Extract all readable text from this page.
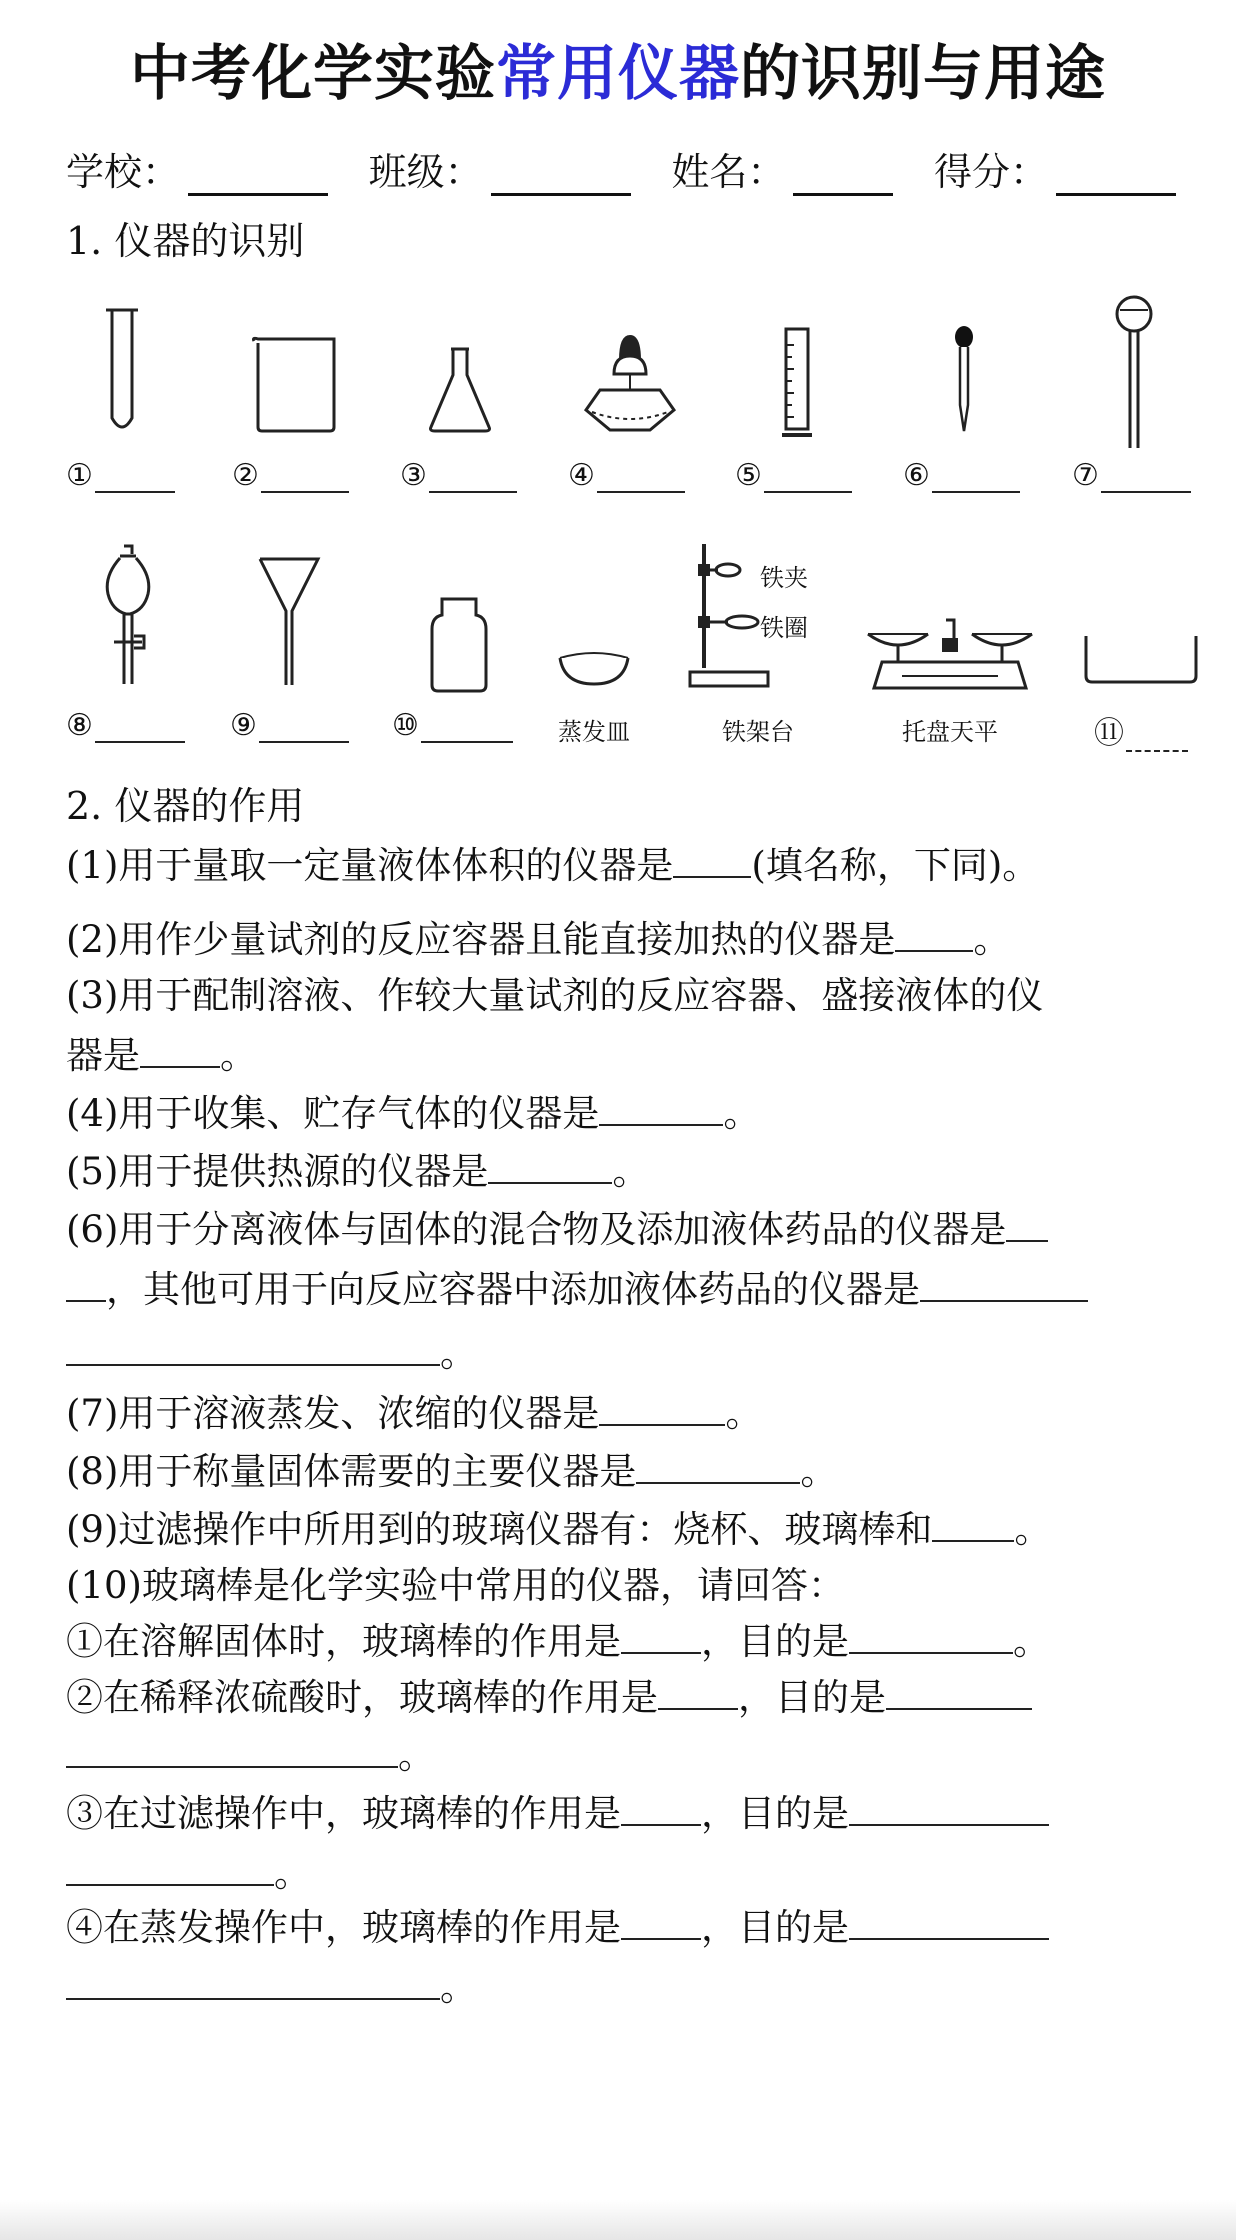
中考化学实验常用仪器的识别与用途
学校：	班级：	姓名：	得分：
1. 仪器的识别
①	②	③	④	⑤	⑥	⑦
铁夹
铁圈
⑧	⑨	⑩	蒸发皿	铁架台	托盘天平	⑪
2. 仪器的作用
(1)用于量取一定量液体体积的仪器是 (填名称，下同)。
(2)用作少量试剂的反应容器且能直接加热的仪器是 。
(3)用于配制溶液、作较大量试剂的反应容器、盛接液体的仪
器是 。
(4)用于收集、贮存气体的仪器是	。
(5)用于提供热源的仪器是	。
(6)用于分离液体与固体的混合物及添加液体药品的仪器是
，其他可用于向反应容器中添加液体药品的仪器是
。
(7)用于溶液蒸发、浓缩的仪器是	。
(8)用于称量固体需要的主要仪器是	。
(9)过滤操作中所用到的玻璃仪器有：烧杯、玻璃棒和 。
(10)玻璃棒是化学实验中常用的仪器，请回答：
①在溶解固体时，玻璃棒的作用是 ，目的是	。
②在稀释浓硫酸时，玻璃棒的作用是 ，目的是
。
③在过滤操作中，玻璃棒的作用是 ，目的是
。
④在蒸发操作中，玻璃棒的作用是 ，目的是
。
